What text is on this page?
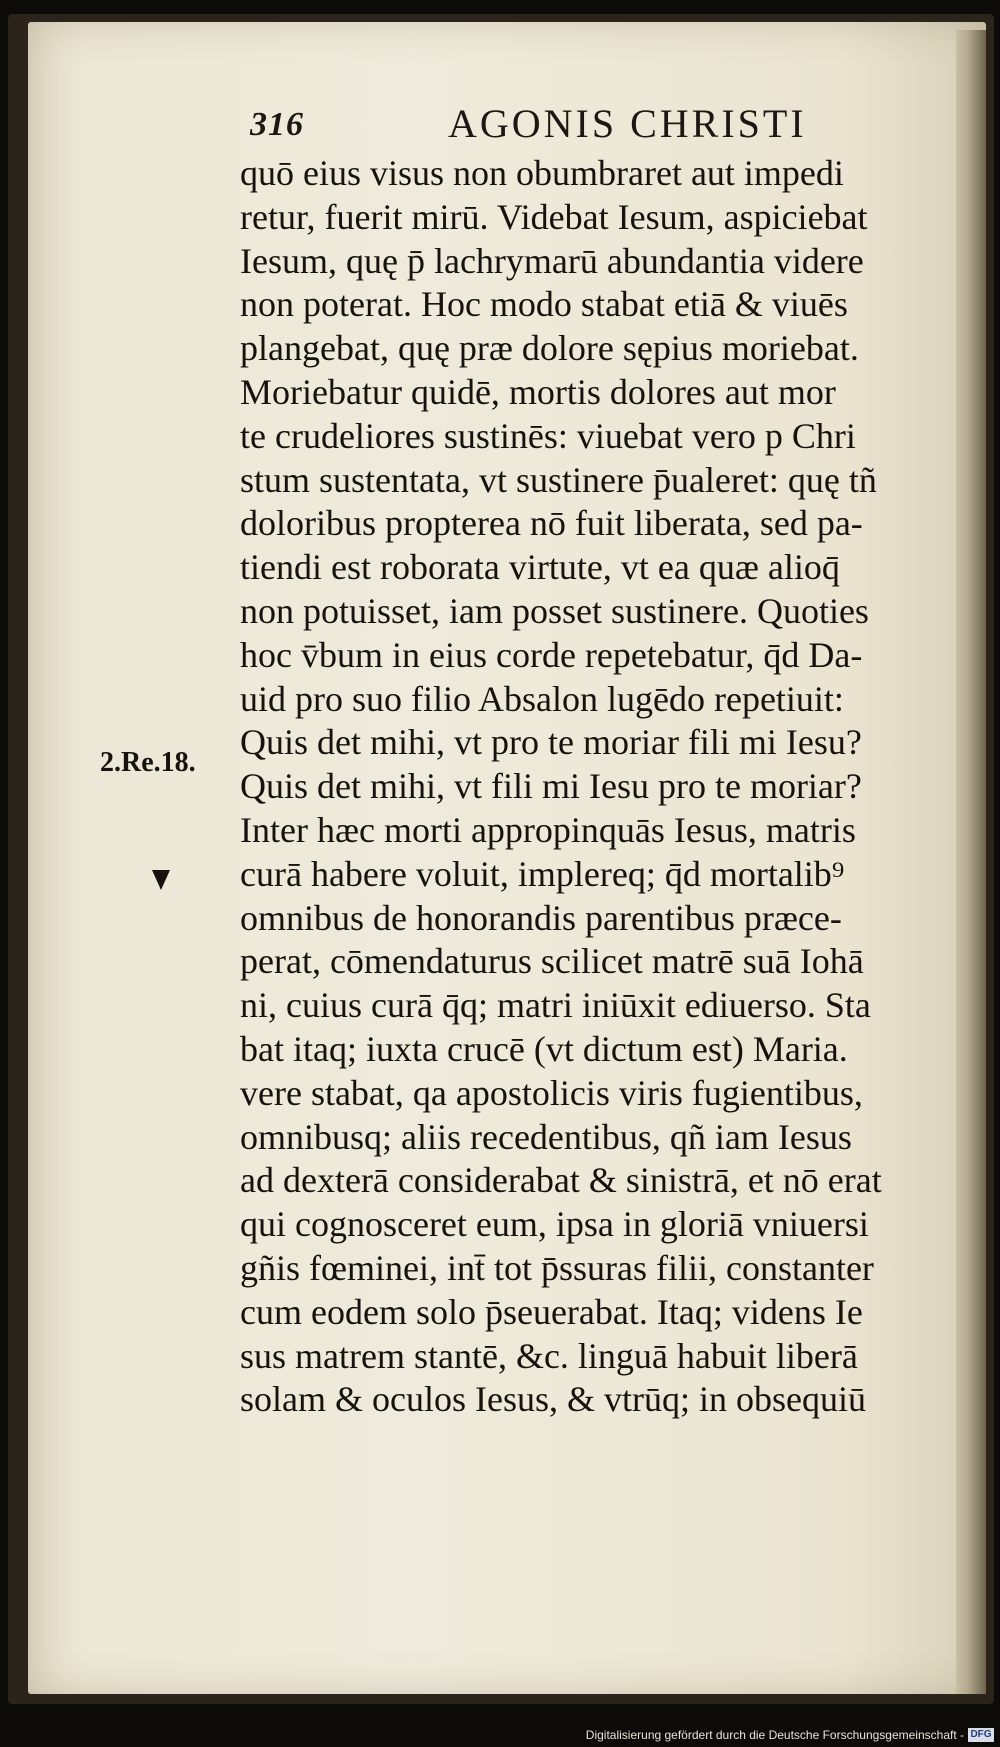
316	AGONIS CHRISTI
2.Re.18.
quō eius visus non obumbraret aut impedi
retur, fuerit mirū. Videbat Iesum, aspiciebat
Iesum, quę p̄ lachrymarū abundantia videre
non poterat. Hoc modo stabat etiā & viuēs
plangebat, quę præ dolore sępius moriebat.
Moriebatur quidē, mortis dolores aut mor
te crudeliores sustinēs: viuebat vero p Chri
stum sustentata, vt sustinere p̄ualeret: quę tñ
doloribus propterea nō fuit liberata, sed pa-
tiendi est roborata virtute, vt ea quæ alioq̄
non potuisset, iam posset sustinere. Quoties
hoc v̄bum in eius corde repetebatur, q̄d Da-
uid pro suo filio Absalon lugēdo repetiuit:
Quis det mihi, vt pro te moriar fili mi Iesu?
Quis det mihi, vt fili mi Iesu pro te moriar?
Inter hæc morti appropinquās Iesus, matris
curā habere voluit, implereq; q̄d mortalib⁹
omnibus de honorandis parentibus præce-
perat, cōmendaturus scilicet matrē suā Iohā
ni, cuius curā q̄q; matri iniūxit ediuerso. Sta
bat itaq; iuxta crucē (vt dictum est) Maria.
vere stabat, qa apostolicis viris fugientibus,
omnibusq; aliis recedentibus, qñ iam Iesus
ad dexterā considerabat & sinistrā, et nō erat
qui cognosceret eum, ipsa in gloriā vniuersi
gñis fœminei, int̄ tot p̄ssuras filii, constanter
cum eodem solo p̄seuerabat. Itaq; videns Ie
sus matrem stantē, &c. linguā habuit liberā
solam & oculos Iesus, & vtrūq; in obsequiū
Digitalisierung gefördert durch die Deutsche Forschungsgemeinschaft - DFG
